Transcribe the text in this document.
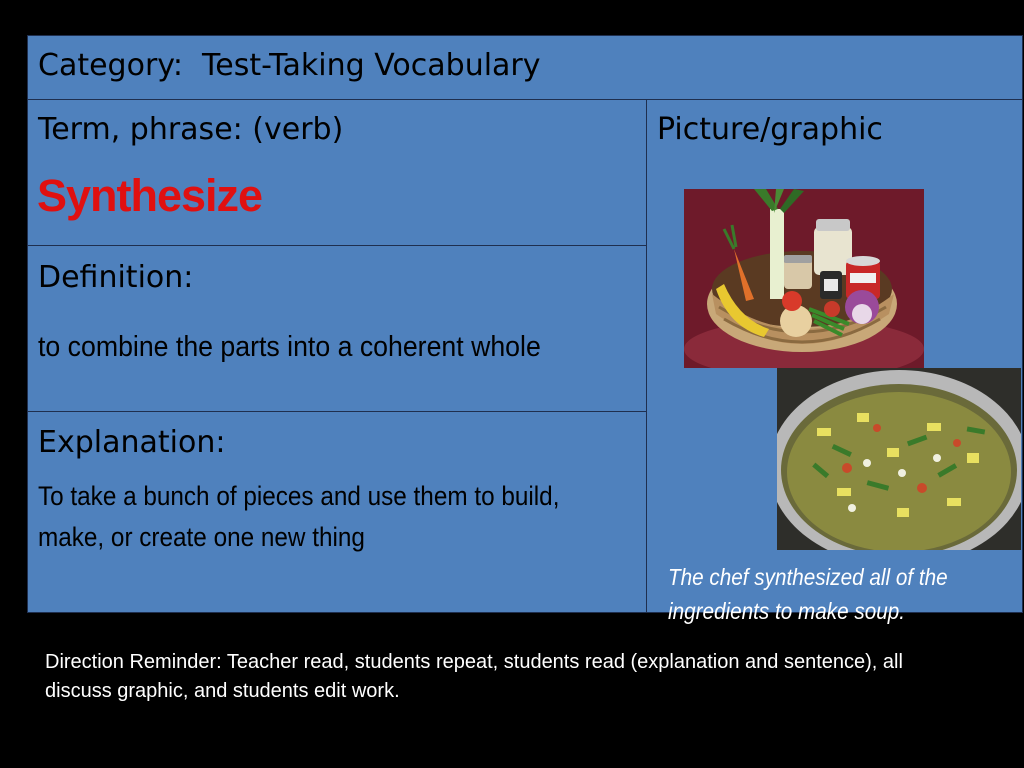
Category:  Test-Taking Vocabulary
Term, phrase: (verb)
Synthesize
Definition:
to combine the parts into a coherent whole
Explanation:
To take a bunch of pieces and use them to build, make, or create one new thing
Picture/graphic
The chef synthesized all of the ingredients to make soup.
Direction Reminder: Teacher read, students repeat, students read (explanation and sentence), all discuss graphic, and students edit work.
